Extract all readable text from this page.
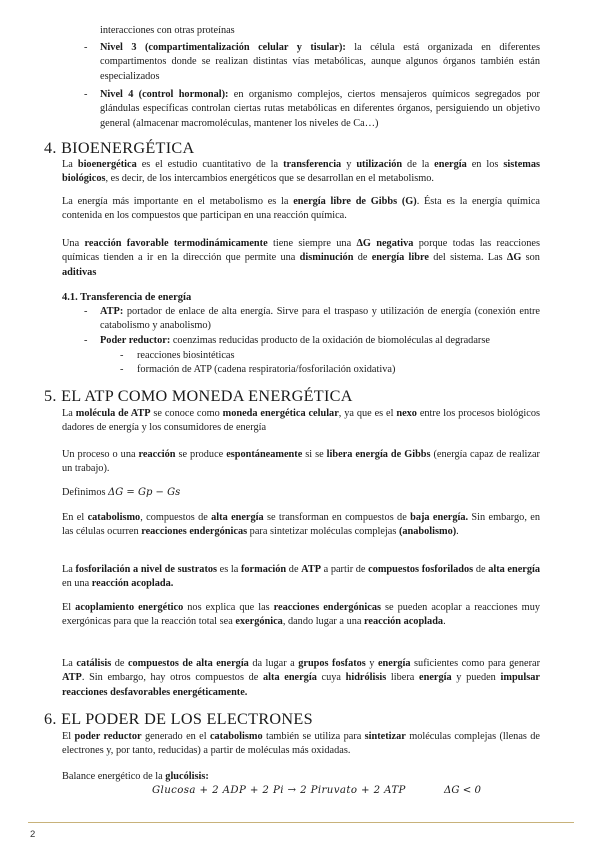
interacciones con otras proteínas

- Nivel 3 (compartimentalización celular y tisular): la célula está organizada en diferentes compartimentos donde se realizan distintas vías metabólicas, aunque algunos órganos también están especializados

- Nivel 4 (control hormonal): en organismo complejos, ciertos mensajeros químicos segregados por glándulas específicas controlan ciertas rutas metabólicas en diferentes órganos, persiguiendo un objetivo general (almacenar macromoléculas, mantener los niveles de Ca…)

4. BIOENERGÉTICA

La bioenergética es el estudio cuantitativo de la transferencia y utilización de la energía en los sistemas biológicos, es decir, de los intercambios energéticos que se desarrollan en el metabolismo.

La energía más importante en el metabolismo es la energía libre de Gibbs (G). Ésta es la energía química contenida en los compuestos que participan en una reacción química.

Una reacción favorable termodinámicamente tiene siempre una ΔG negativa porque todas las reacciones químicas tienden a ir en la dirección que permite una disminución de energía libre del sistema. Las ΔG son aditivas

4.1. Transferencia de energía
- ATP: portador de enlace de alta energía. Sirve para el traspaso y utilización de energía (conexión entre catabolismo y anabolismo)

- Poder reductor: coenzimas reducidas producto de la oxidación de biomoléculas al degradarse

- reacciones biosintéticas

- formación de ATP (cadena respiratoria/fosforilación oxidativa)

5. EL ATP COMO MONEDA ENERGÉTICA

La molécula de ATP se conoce como moneda energética celular, ya que es el nexo entre los procesos biológicos dadores de energía y los consumidores de energía

Un proceso o una reacción se produce espontáneamente si se libera energía de Gibbs (energía capaz de realizar un trabajo).

Definimos ΔG = Gp − Gs

En el catabolismo, compuestos de alta energía se transforman en compuestos de baja energía. Sin embargo, en las células ocurren reacciones endergónicas para sintetizar moléculas complejas (anabolismo).

La fosforilación a nivel de sustratos es la formación de ATP a partir de compuestos fosforilados de alta energía en una reacción acoplada.

El acoplamiento energético nos explica que las reacciones endergónicas se pueden acoplar a reacciones muy exergónicas para que la reacción total sea exergónica, dando lugar a una reacción acoplada.

La catálisis de compuestos de alta energía da lugar a grupos fosfatos y energía suficientes como para generar ATP. Sin embargo, hay otros compuestos de alta energía cuya hidrólisis libera energía y pueden impulsar reacciones desfavorables energéticamente.

6. EL PODER DE LOS ELECTRONES

El poder reductor generado en el catabolismo también se utiliza para sintetizar moléculas complejas (llenas de electrones y, por tanto, reducidas) a partir de moléculas más oxidadas.

Balance energético de la glucólisis:

Glucosa + 2 ADP + 2 Pi → 2 Piruvato + 2 ATP	ΔG < 0
2
